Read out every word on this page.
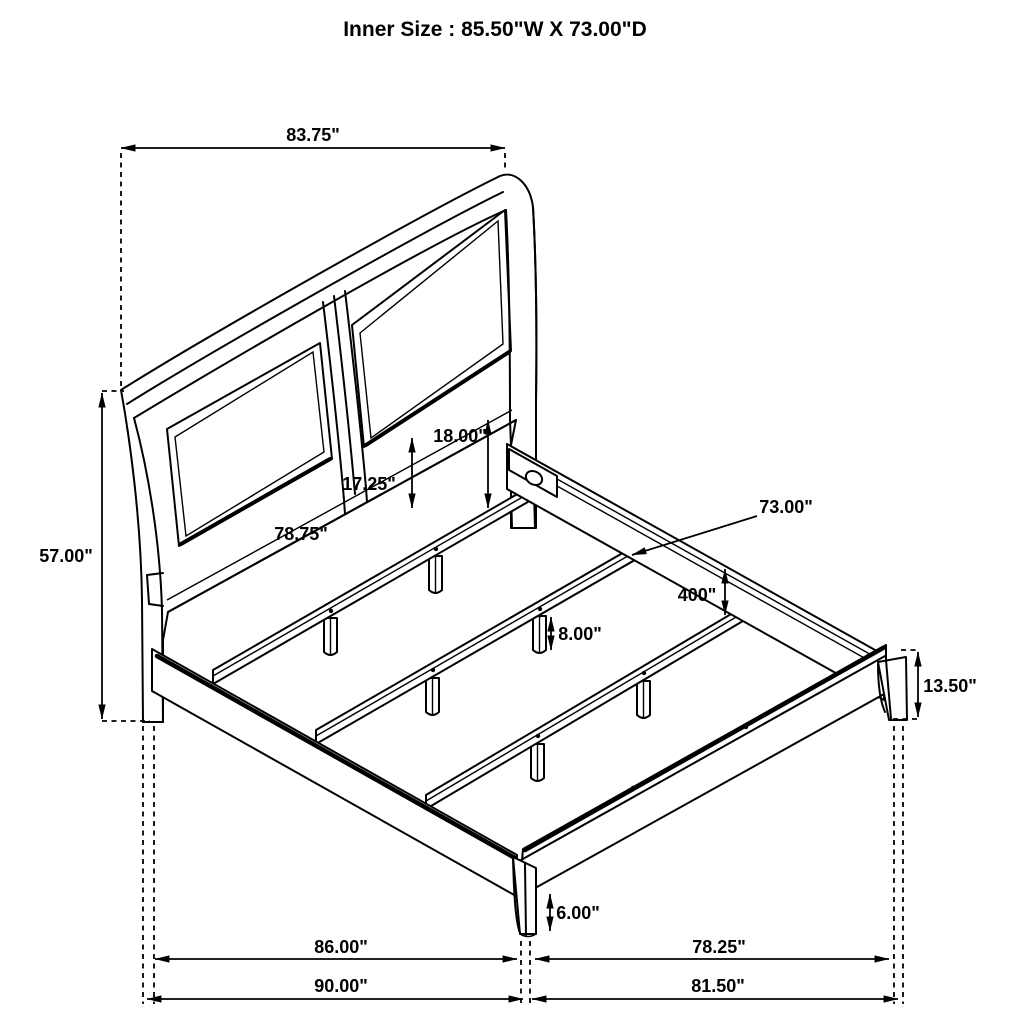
83.75"
57.00"
18.00"
17.25"
78.75"
73.00"
400"
8.00"
13.50"
6.00"
86.00"	78.25"
90.00"	81.50"
Inner Size : 85.50"W X 73.00"D
